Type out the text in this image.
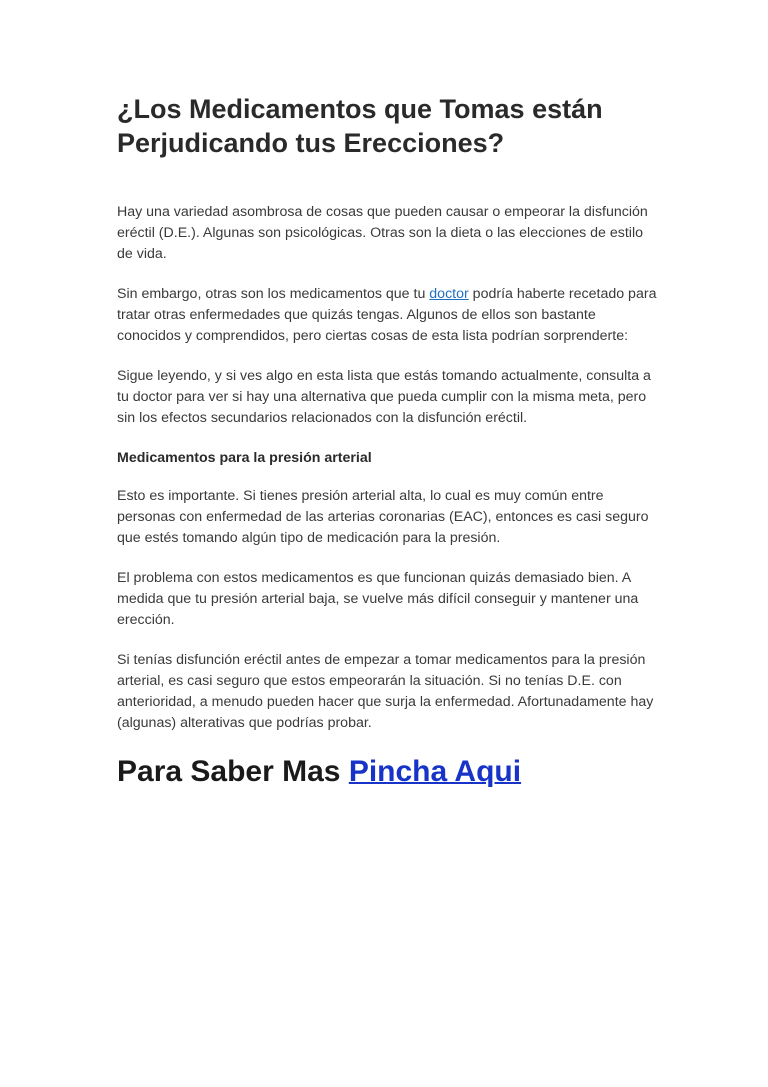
¿Los Medicamentos que Tomas están Perjudicando tus Erecciones?

Hay una variedad asombrosa de cosas que pueden causar o empeorar la disfunción eréctil (D.E.). Algunas son psicológicas. Otras son la dieta o las elecciones de estilo de vida.

Sin embargo, otras son los medicamentos que tu doctor podría haberte recetado para tratar otras enfermedades que quizás tengas. Algunos de ellos son bastante conocidos y comprendidos, pero ciertas cosas de esta lista podrían sorprenderte:

Sigue leyendo, y si ves algo en esta lista que estás tomando actualmente, consulta a tu doctor para ver si hay una alternativa que pueda cumplir con la misma meta, pero sin los efectos secundarios relacionados con la disfunción eréctil.

Medicamentos para la presión arterial

Esto es importante. Si tienes presión arterial alta, lo cual es muy común entre personas con enfermedad de las arterias coronarias (EAC), entonces es casi seguro que estés tomando algún tipo de medicación para la presión.

El problema con estos medicamentos es que funcionan quizás demasiado bien. A medida que tu presión arterial baja, se vuelve más difícil conseguir y mantener una erección.

Si tenías disfunción eréctil antes de empezar a tomar medicamentos para la presión arterial, es casi seguro que estos empeorarán la situación. Si no tenías D.E. con anterioridad, a menudo pueden hacer que surja la enfermedad. Afortunadamente hay (algunas) alterativas que podrías probar.

Para Saber Mas Pincha Aqui
